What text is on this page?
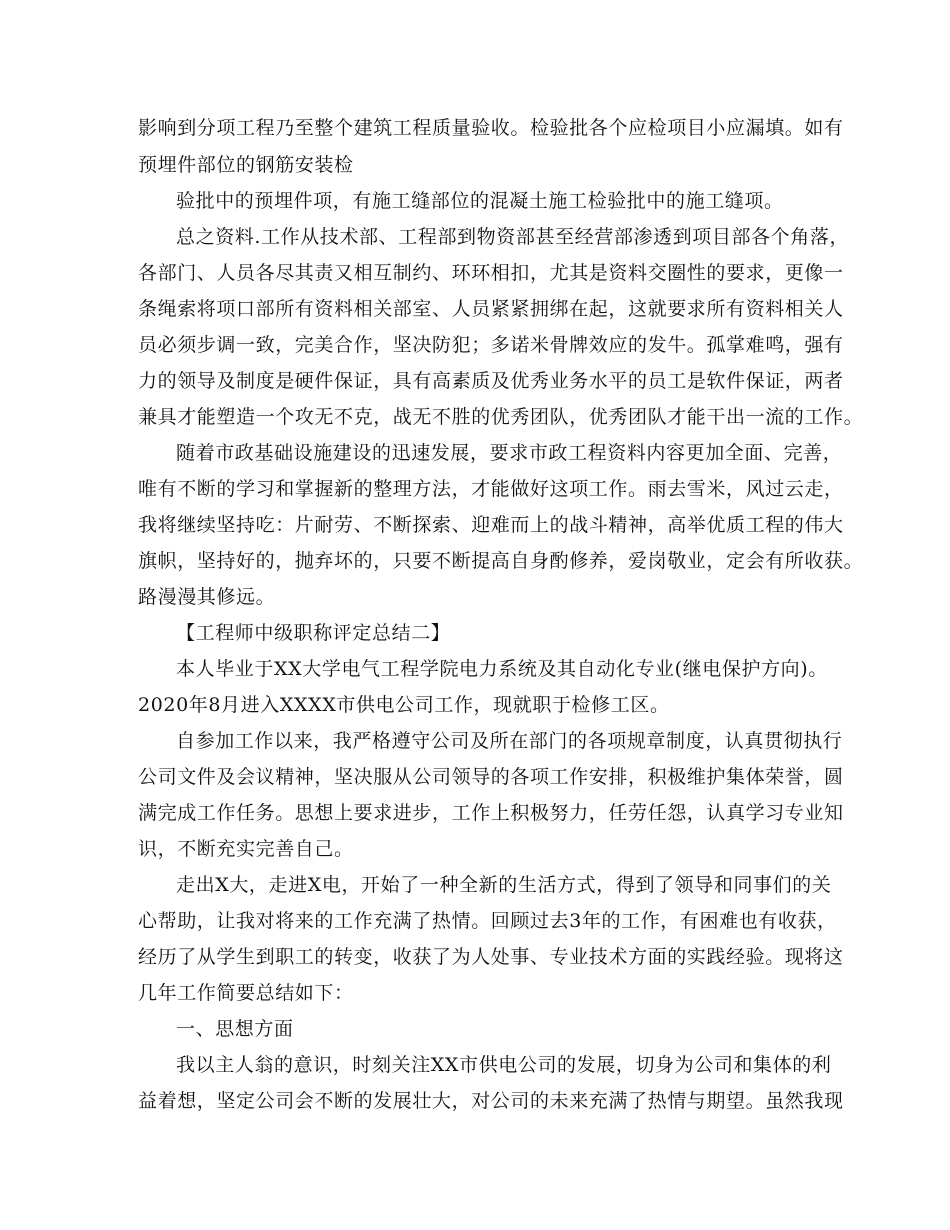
影响到分项工程乃至整个建筑工程质量验收。检验批各个应检项目小应漏填。如有
预埋件部位的钢筋安装检
验批中的预埋件项，有施工缝部位的混凝土施工检验批中的施工缝项。
总之资料.工作从技术部、工程部到物资部甚至经营部渗透到项目部各个角落，
各部门、人员各尽其责又相互制约、环环相扣，尤其是资料交圈性的要求，更像一
条绳索将项口部所有资料相关部室、人员紧紧拥绑在起，这就要求所有资料相关人
员必须步调一致，完美合作，坚决防犯；多诺米骨牌效应的发牛。孤掌难鸣，强有
力的领导及制度是硬件保证，具有高素质及优秀业务水平的员工是软件保证，两者
兼具才能塑造一个攻无不克，战无不胜的优秀团队，优秀团队才能干出一流的工作。
随着市政基础设施建设的迅速发展，要求市政工程资料内容更加全面、完善，
唯有不断的学习和掌握新的整理方法，才能做好这项工作。雨去雪米，风过云走，
我将继续坚持吃：片耐劳、不断探索、迎难而上的战斗精神，高举优质工程的伟大
旗帜，坚持好的，抛弃坏的，只要不断提高自身酌修养，爱岗敬业，定会有所收获。
路漫漫其修远。
【工程师中级职称评定总结二】
本人毕业于XX大学电气工程学院电力系统及其自动化专业(继电保护方向)。
2020年8月进入XXXX市供电公司工作，现就职于检修工区。
自参加工作以来，我严格遵守公司及所在部门的各项规章制度，认真贯彻执行
公司文件及会议精神，坚决服从公司领导的各项工作安排，积极维护集体荣誉，圆
满完成工作任务。思想上要求进步，工作上积极努力，任劳任怨，认真学习专业知
识，不断充实完善自己。
走出X大，走进X电，开始了一种全新的生活方式，得到了领导和同事们的关
心帮助，让我对将来的工作充满了热情。回顾过去3年的工作，有困难也有收获，
经历了从学生到职工的转变，收获了为人处事、专业技术方面的实践经验。现将这
几年工作简要总结如下：
一、思想方面
我以主人翁的意识，时刻关注XX市供电公司的发展，切身为公司和集体的利
益着想，坚定公司会不断的发展壮大，对公司的未来充满了热情与期望。虽然我现
